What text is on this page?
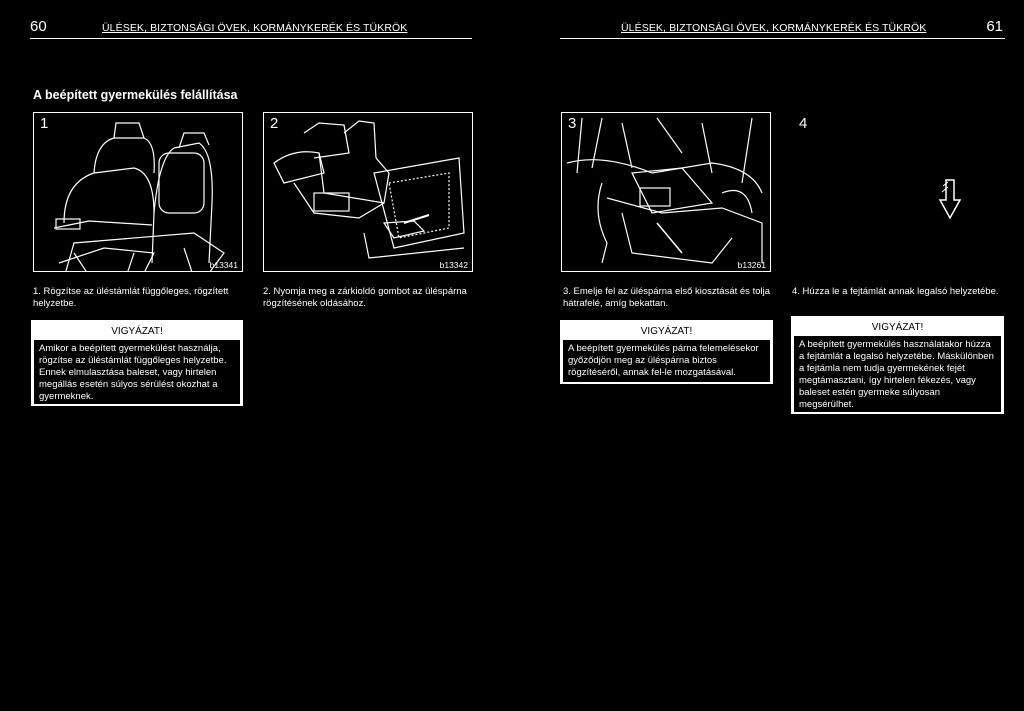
60	ÜLÉSEK, BIZTONSÁGI ÖVEK, KORMÁNYKERÉK ÉS TÜKRÖK	ÜLÉSEK, BIZTONSÁGI ÖVEK, KORMÁNYKERÉK ÉS TÜKRÖK	61
A beépített gyermekülés felállítása
1
b13341
2
b13342
3
b13261
4
1. Rögzítse az üléstámlát függőleges, rögzített helyzetbe.
2. Nyomja meg a zárkioldó gombot az üléspárna rögzítésének oldásához.
3. Emelje fel az üléspárna első kiosztását és tolja hátrafelé, amíg bekattan.
4. Húzza le a fejtámlát annak legalsó helyzetébe.
VIGYÁZAT!
Amikor a beépített gyermekülést használja, rögzítse az üléstámlát függőleges helyzetbe. Ennek elmulasztása baleset, vagy hirtelen megállás esetén súlyos sérülést okozhat a gyermeknek.
VIGYÁZAT!
A beépített gyermekülés párna felemelésekor győződjön meg az üléspárna biztos rögzítéséről, annak fel-le mozgatásával.
VIGYÁZAT!
A beépített gyermekülés használatakor húzza a fejtámlát a legalsó helyzetébe. Máskülönben a fejtámla nem tudja gyermekének fejét megtámasztani, így hirtelen fékezés, vagy baleset estén gyermeke súlyosan megsérülhet.
